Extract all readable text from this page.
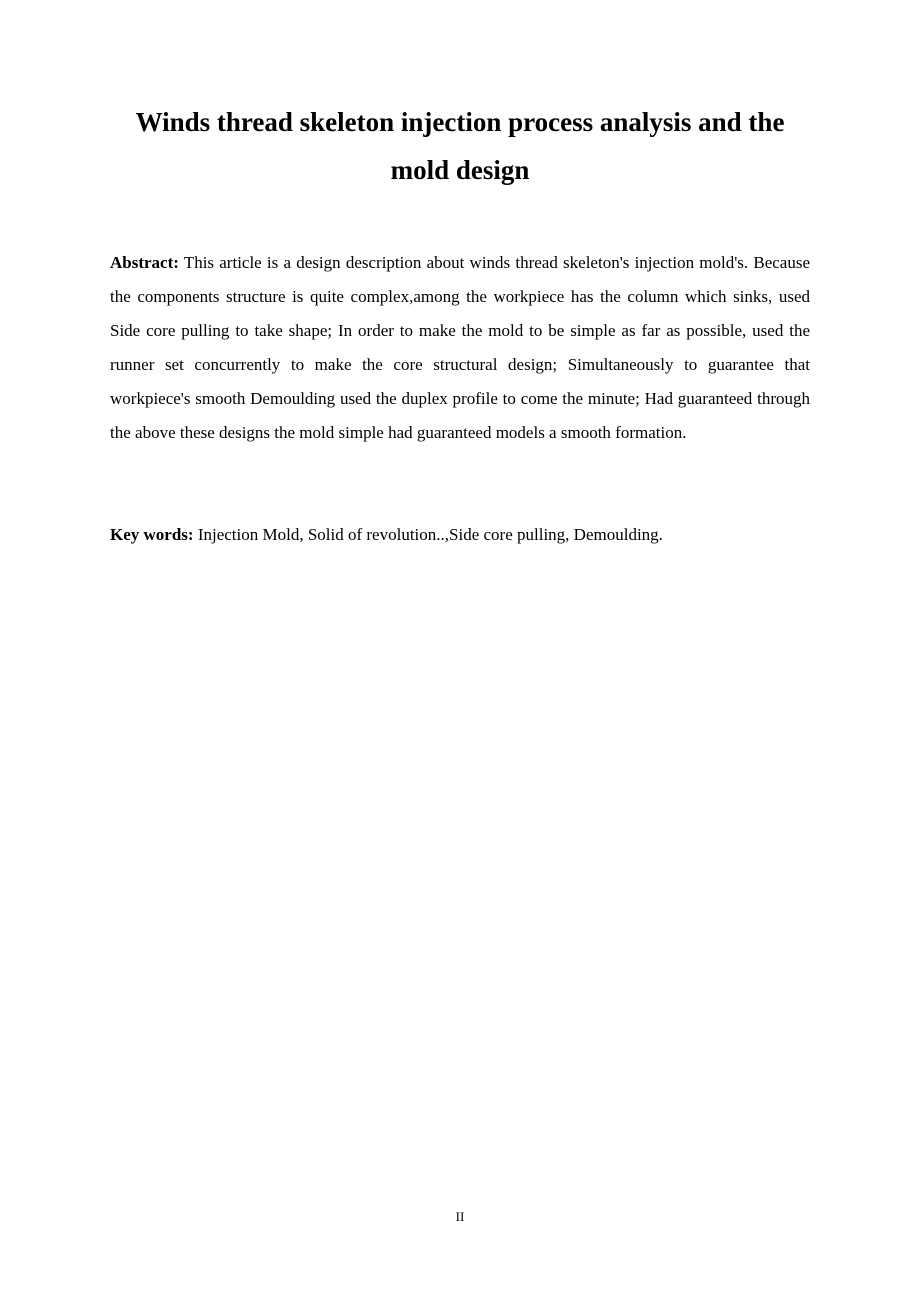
Winds thread skeleton injection process analysis and the mold design

Abstract: This article is a design description about winds thread skeleton's injection mold's. Because the components structure is quite complex,among the workpiece has the column which sinks, used Side core pulling to take shape; In order to make the mold to be simple as far as possible, used the runner set concurrently to make the core structural design; Simultaneously to guarantee that workpiece's smooth Demoulding used the duplex profile to come the minute; Had guaranteed through the above these designs the mold simple had guaranteed models a smooth formation.

Key words: Injection Mold, Solid of revolution..,Side core pulling, Demoulding.

II
